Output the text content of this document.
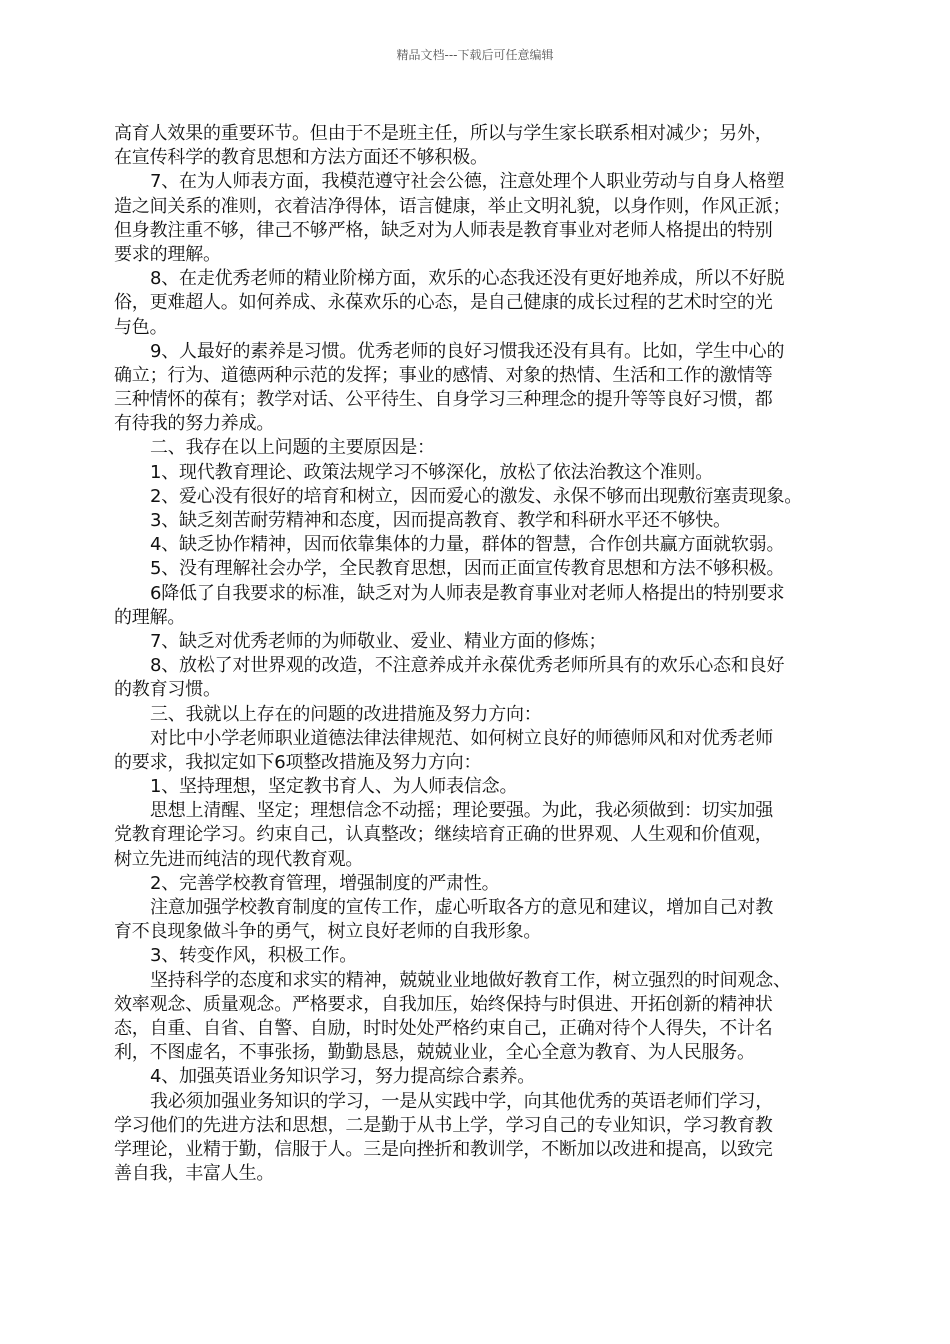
精品文档---下载后可任意编辑
高育人效果的重要环节。但由于不是班主任，所以与学生家长联系相对减少；另外，
在宣传科学的教育思想和方法方面还不够积极。
7、在为人师表方面，我模范遵守社会公德，注意处理个人职业劳动与自身人格塑
造之间关系的准则，衣着洁净得体，语言健康，举止文明礼貌，以身作则，作风正派；
但身教注重不够，律己不够严格，缺乏对为人师表是教育事业对老师人格提出的特别
要求的理解。
8、在走优秀老师的精业阶梯方面，欢乐的心态我还没有更好地养成，所以不好脱
俗，更难超人。如何养成、永葆欢乐的心态，是自己健康的成长过程的艺术时空的光
与色。
9、人最好的素养是习惯。优秀老师的良好习惯我还没有具有。比如，学生中心的
确立；行为、道德两种示范的发挥；事业的感情、对象的热情、生活和工作的激情等
三种情怀的葆有；教学对话、公平待生、自身学习三种理念的提升等等良好习惯，都
有待我的努力养成。
二、我存在以上问题的主要原因是：
1、现代教育理论、政策法规学习不够深化，放松了依法治教这个准则。
2、爱心没有很好的培育和树立，因而爱心的激发、永保不够而出现敷衍塞责现象。
3、缺乏刻苦耐劳精神和态度，因而提高教育、教学和科研水平还不够快。
4、缺乏协作精神，因而依靠集体的力量，群体的智慧，合作创共赢方面就软弱。
5、没有理解社会办学，全民教育思想，因而正面宣传教育思想和方法不够积极。
6降低了自我要求的标准，缺乏对为人师表是教育事业对老师人格提出的特别要求
的理解。
7、缺乏对优秀老师的为师敬业、爱业、精业方面的修炼；
8、放松了对世界观的改造，不注意养成并永葆优秀老师所具有的欢乐心态和良好
的教育习惯。
三、我就以上存在的问题的改进措施及努力方向：
对比中小学老师职业道德法律法律规范、如何树立良好的师德师风和对优秀老师
的要求，我拟定如下6项整改措施及努力方向：
1、坚持理想，坚定教书育人、为人师表信念。
思想上清醒、坚定；理想信念不动摇；理论要强。为此，我必须做到：切实加强
党教育理论学习。约束自己，认真整改；继续培育正确的世界观、人生观和价值观，
树立先进而纯洁的现代教育观。
2、完善学校教育管理，增强制度的严肃性。
注意加强学校教育制度的宣传工作，虚心听取各方的意见和建议，增加自己对教
育不良现象做斗争的勇气，树立良好老师的自我形象。
3、转变作风，积极工作。
坚持科学的态度和求实的精神，兢兢业业地做好教育工作，树立强烈的时间观念、
效率观念、质量观念。严格要求，自我加压，始终保持与时俱进、开拓创新的精神状
态，自重、自省、自警、自励，时时处处严格约束自己，正确对待个人得失，不计名
利，不图虚名，不事张扬，勤勤恳恳，兢兢业业，全心全意为教育、为人民服务。
4、加强英语业务知识学习，努力提高综合素养。
我必须加强业务知识的学习，一是从实践中学，向其他优秀的英语老师们学习，
学习他们的先进方法和思想，二是勤于从书上学，学习自己的专业知识，学习教育教
学理论，业精于勤，信服于人。三是向挫折和教训学，不断加以改进和提高，以致完
善自我，丰富人生。
